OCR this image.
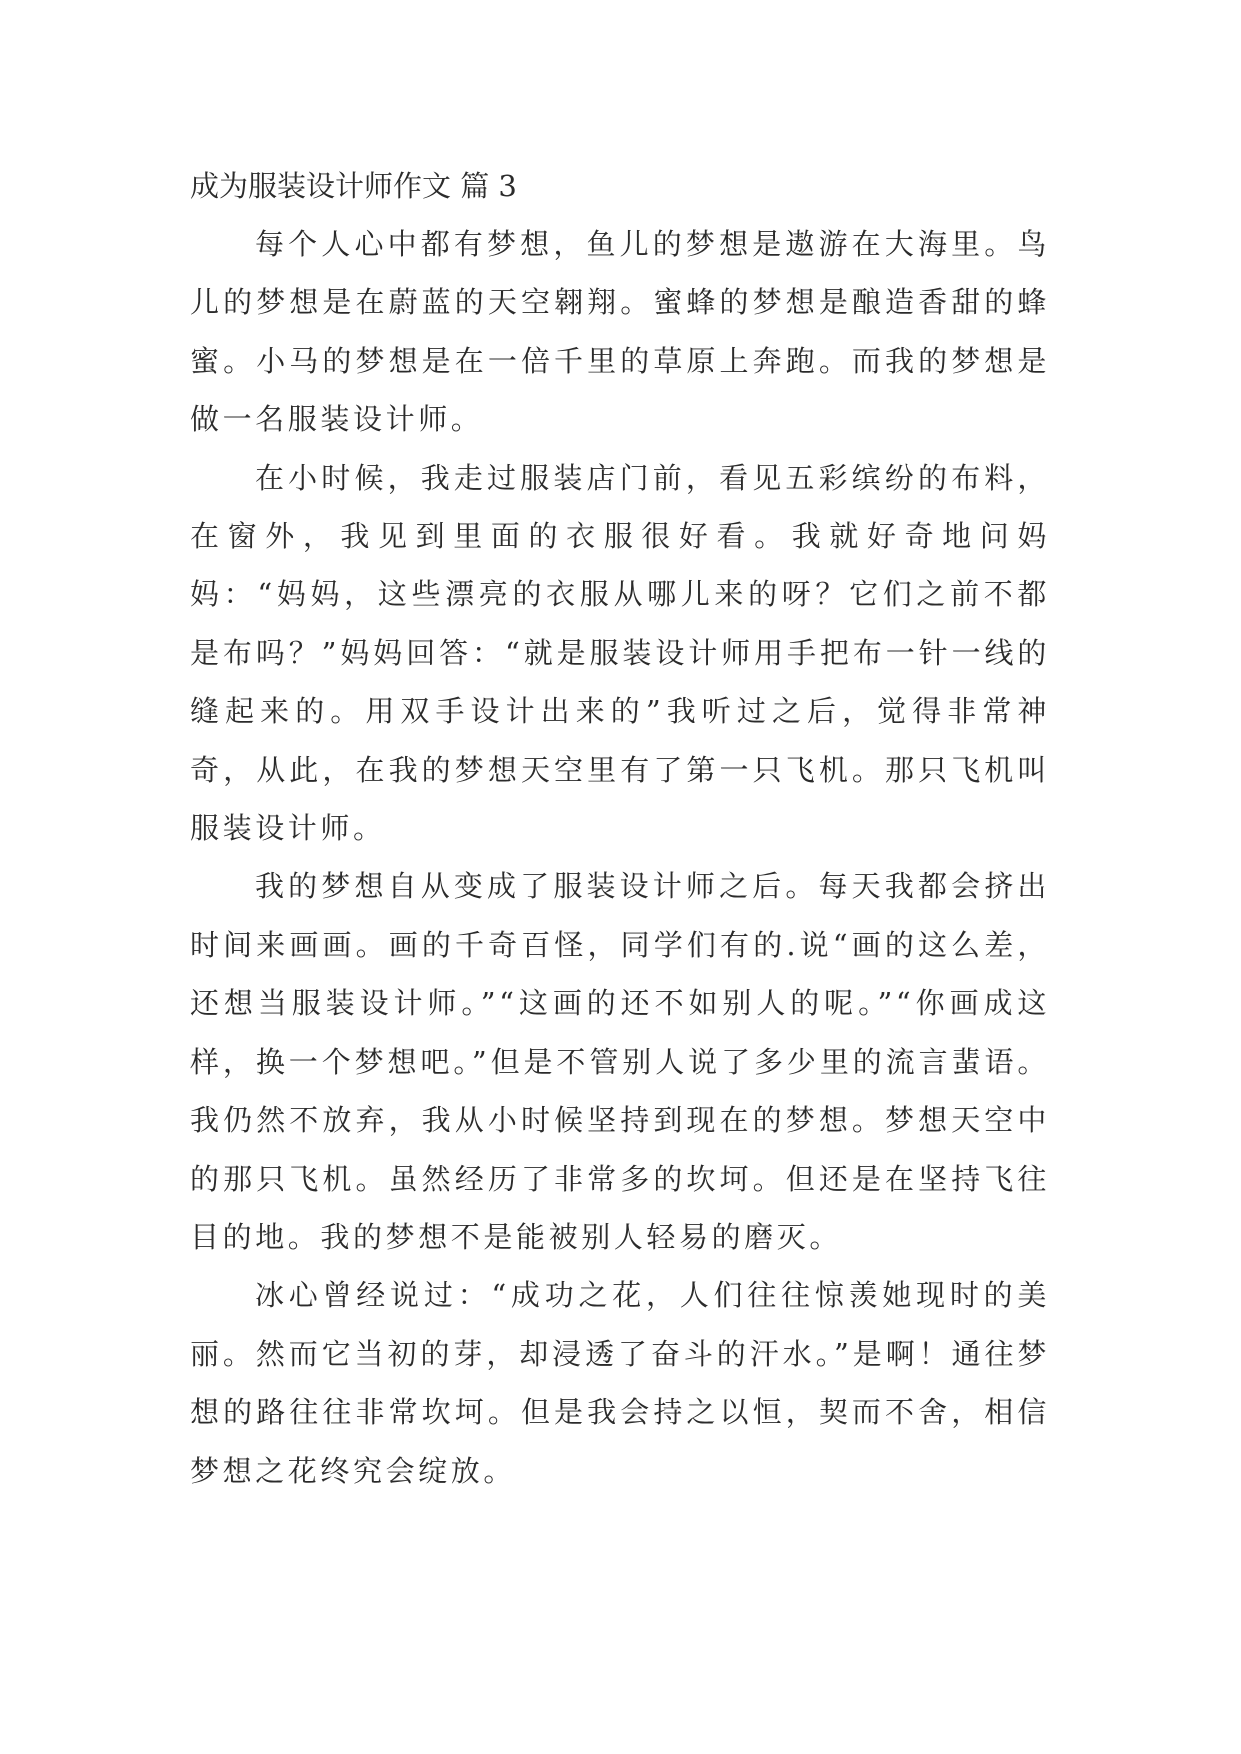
成为服装设计师作文 篇 3

每个人心中都有梦想，鱼儿的梦想是遨游在大海里。鸟儿的梦想是在蔚蓝的天空翱翔。蜜蜂的梦想是酿造香甜的蜂蜜。小马的梦想是在一倍千里的草原上奔跑。而我的梦想是做一名服装设计师。

在小时候，我走过服装店门前，看见五彩缤纷的布料，在窗外，我见到里面的衣服很好看。我就好奇地问妈妈：“妈妈，这些漂亮的衣服从哪儿来的呀？它们之前不都是布吗？”妈妈回答：“就是服装设计师用手把布一针一线的缝起来的。用双手设计出来的”我听过之后，觉得非常神奇，从此，在我的梦想天空里有了第一只飞机。那只飞机叫服装设计师。

我的梦想自从变成了服装设计师之后。每天我都会挤出时间来画画。画的千奇百怪，同学们有的.说“画的这么差，还想当服装设计师。”“这画的还不如别人的呢。”“你画成这样，换一个梦想吧。”但是不管别人说了多少里的流言蜚语。我仍然不放弃，我从小时候坚持到现在的梦想。梦想天空中的那只飞机。虽然经历了非常多的坎坷。但还是在坚持飞往目的地。我的梦想不是能被别人轻易的磨灭。

冰心曾经说过：“成功之花，人们往往惊羡她现时的美丽。然而它当初的芽，却浸透了奋斗的汗水。”是啊！通往梦想的路往往非常坎坷。但是我会持之以恒，契而不舍，相信梦想之花终究会绽放。
